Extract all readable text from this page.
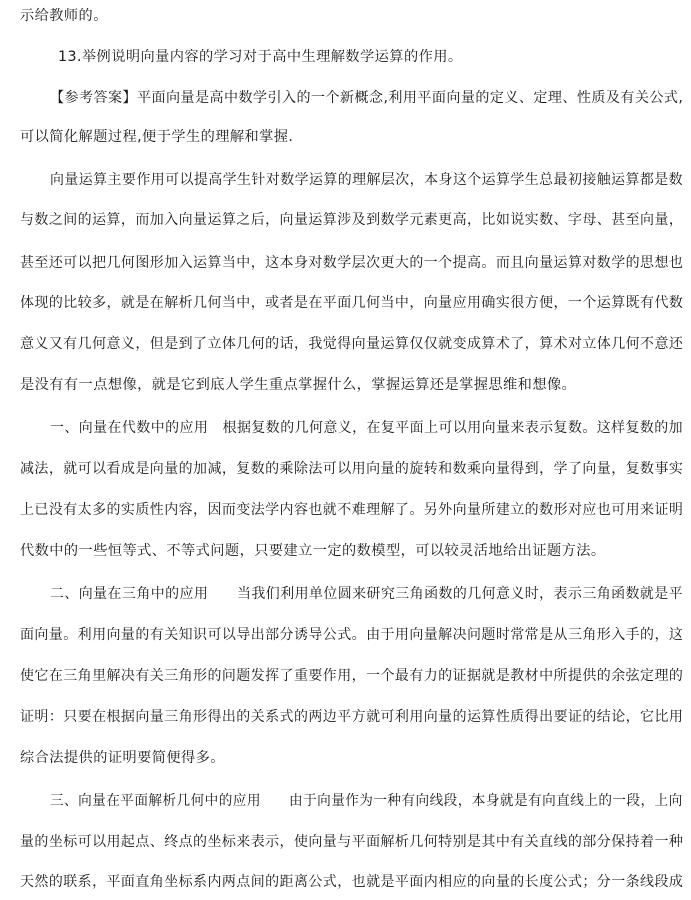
示给教师的。
13.举例说明向量内容的学习对于高中生理解数学运算的作用。
【参考答案】平面向量是高中数学引入的一个新概念,利用平面向量的定义、定理、性质及有关公式,
可以简化解题过程,便于学生的理解和掌握.
向量运算主要作用可以提高学生针对数学运算的理解层次，本身这个运算学生总最初接触运算都是数
与数之间的运算，而加入向量运算之后，向量运算涉及到数学元素更高，比如说实数、字母、甚至向量，
甚至还可以把几何图形加入运算当中，这本身对数学层次更大的一个提高。而且向量运算对数学的思想也
体现的比较多，就是在解析几何当中，或者是在平面几何当中，向量应用确实很方便，一个运算既有代数
意义又有几何意义，但是到了立体几何的话，我觉得向量运算仅仅就变成算术了，算术对立体几何不意还
是没有有一点想像，就是它到底人学生重点掌握什么，掌握运算还是掌握思维和想像。
一、向量在代数中的应用　根据复数的几何意义，在复平面上可以用向量来表示复数。这样复数的加
减法，就可以看成是向量的加减，复数的乘除法可以用向量的旋转和数乘向量得到，学了向量，复数事实
上已没有太多的实质性内容，因而变法学内容也就不难理解了。另外向量所建立的数形对应也可用来证明
代数中的一些恒等式、不等式问题，只要建立一定的数模型，可以较灵活地给出证题方法。
二、向量在三角中的应用　　当我们利用单位圆来研究三角函数的几何意义时，表示三角函数就是平
面向量。利用向量的有关知识可以导出部分诱导公式。由于用向量解决问题时常常是从三角形入手的，这
使它在三角里解决有关三角形的问题发挥了重要作用，一个最有力的证据就是教材中所提供的余弦定理的
证明：只要在根据向量三角形得出的关系式的两边平方就可利用向量的运算性质得出要证的结论，它比用
综合法提供的证明要简便得多。
三、向量在平面解析几何中的应用　　由于向量作为一种有向线段，本身就是有向直线上的一段，上向
量的坐标可以用起点、终点的坐标来表示，使向量与平面解析几何特别是其中有关直线的部分保持着一种
天然的联系，平面直角坐标系内两点间的距离公式，也就是平面内相应的向量的长度公式；分一条线段成
